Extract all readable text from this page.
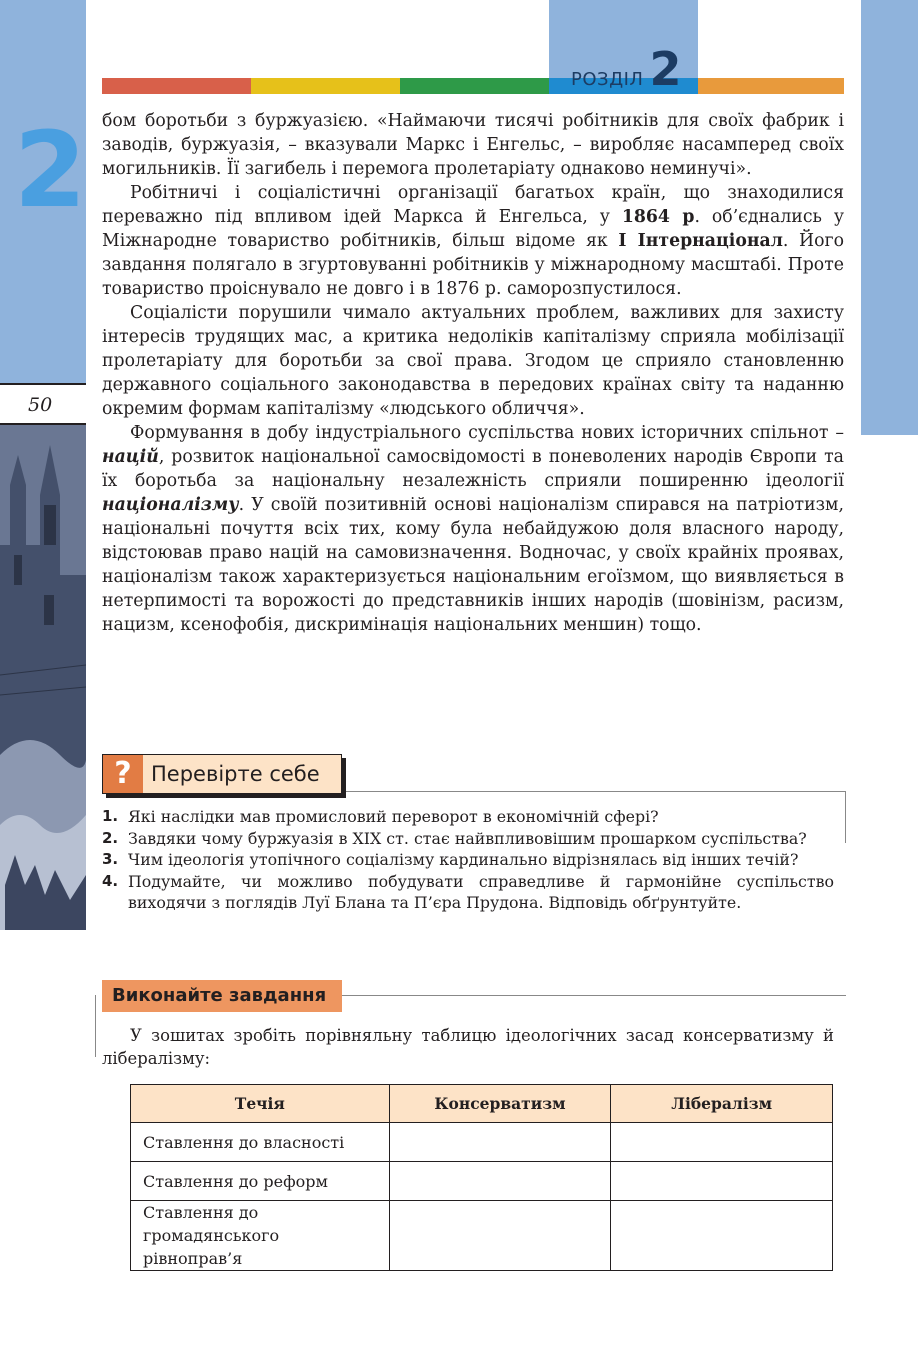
2
50
РОЗДІЛ 2

бом боротьби з буржуазією. «Наймаючи тисячі робітників для своїх фабрик і заводів, буржуазія, – вказували Маркс і Енгельс, – виробляє насамперед своїх могильників. Її загибель і перемога пролетаріату однаково неминучі».

Робітничі і соціалістичні організації багатьох країн, що знаходилися переважно під впливом ідей Маркса й Енгельса, у 1864 р. об’єднались у Міжнародне товариство робітників, більш відоме як І Інтернаціонал. Його завдання полягало в згуртовуванні робітників у міжнародному масштабі. Проте товариство проіснувало не довго і в 1876 р. саморозпустилося.

Соціалісти порушили чимало актуальних проблем, важливих для захисту інтересів трудящих мас, а критика недоліків капіталізму сприяла мобілізації пролетаріату для боротьби за свої права. Згодом це сприяло становленню державного соціального законодавства в передових країнах світу та наданню окремим формам капіталізму «людського обличчя».

Формування в добу індустріального суспільства нових історичних спільнот – націй, розвиток національної самосвідомості в поневолених народів Європи та їх боротьба за національну незалежність сприяли поширенню ідеології націоналізму. У своїй позитивній основі націоналізм спирався на патріотизм, національні почуття всіх тих, кому була небайдужою доля власного народу, відстоював право націй на самовизначення. Водночас, у своїх крайніх проявах, націоналізм також характеризується національним егоїзмом, що виявляється в нетерпимості та ворожості до представників інших народів (шовінізм, расизм, нацизм, ксенофобія, дискримінація національних меншин) тощо.

? Перевірте себе
1. Які наслідки мав промисловий переворот в економічній сфері?
2. Завдяки чому буржуазія в XIX ст. стає найвпливовішим прошарком суспільства?
3. Чим ідеологія утопічного соціалізму кардинально відрізнялась від інших течій?
4. Подумайте, чи можливо побудувати справедливе й гармонійне суспільство виходячи з поглядів Луї Блана та П’єра Прудона. Відповідь обґрунтуйте.
Виконайте завдання
У зошитах зробіть порівняльну таблицю ідеологічних засад консерватизму й лібералізму:
Течія	Консерватизм	Лібералізм
Ставлення до власності		
Ставлення до реформ		
Ставлення до громадянського рівноправ’я		
